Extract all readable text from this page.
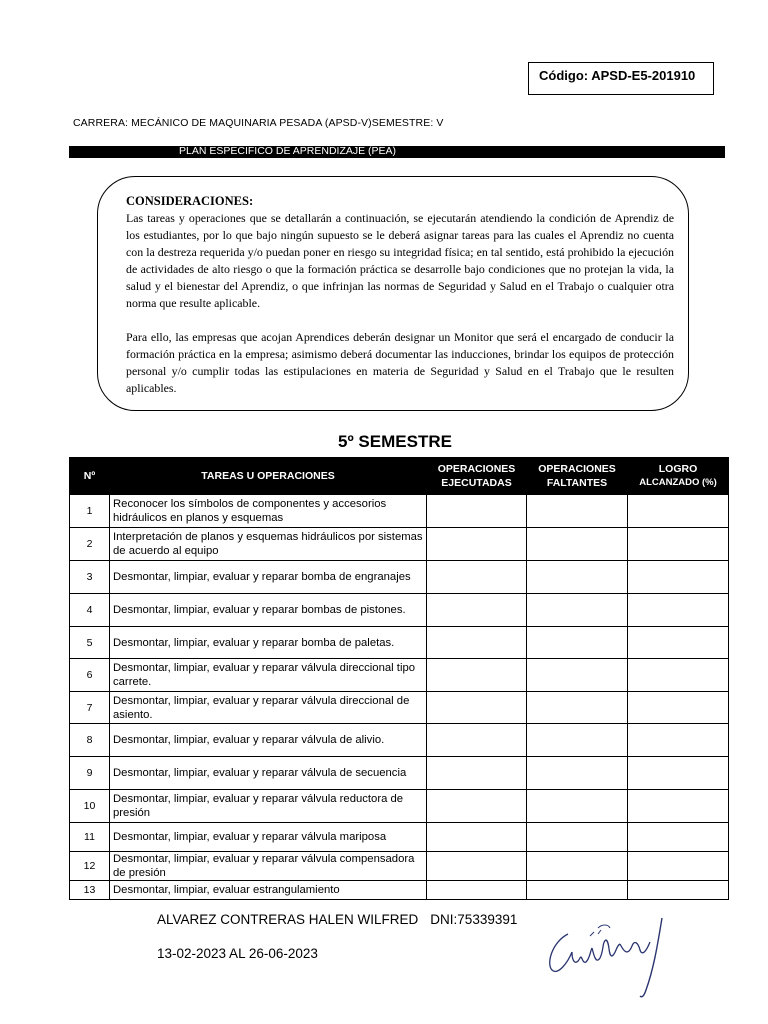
Código: APSD-E5-201910
CARRERA: MECÁNICO DE MAQUINARIA PESADA (APSD-V)SEMESTRE: V
PLAN ESPECIFICO DE APRENDIZAJE (PEA)

CONSIDERACIONES:

Las tareas y operaciones que se detallarán a continuación, se ejecutarán atendiendo la condición de Aprendiz de los estudiantes, por lo que bajo ningún supuesto se le deberá asignar tareas para las cuales el Aprendiz no cuenta con la destreza requerida y/o puedan poner en riesgo su integridad física; en tal sentido, está prohibido la ejecución de actividades de alto riesgo o que la formación práctica se desarrolle bajo condiciones que no protejan la vida, la salud y el bienestar del Aprendiz, o que infrinjan las normas de Seguridad y Salud en el Trabajo o cualquier otra norma que resulte aplicable.

Para ello, las empresas que acojan Aprendices deberán designar un Monitor que será el encargado de conducir la formación práctica en la empresa; asimismo deberá documentar las inducciones, brindar los equipos de protección personal y/o cumplir todas las estipulaciones en materia de Seguridad y Salud en el Trabajo que le resulten aplicables.

5º SEMESTRE
Nº	TAREAS U OPERACIONES	OPERACIONES EJECUTADAS	OPERACIONES FALTANTES	LOGRO
ALCANZADO (%)

1	Reconocer los símbolos de componentes y accesorios hidráulicos en planos y esquemas			
2	Interpretación de planos y esquemas hidráulicos por sistemas de acuerdo al equipo			
3	Desmontar, limpiar, evaluar y reparar bomba de engranajes			
4	Desmontar, limpiar, evaluar y reparar bombas de pistones.			
5	Desmontar, limpiar, evaluar y reparar bomba de paletas.			
6	Desmontar, limpiar, evaluar y reparar válvula direccional tipo carrete.			
7	Desmontar, limpiar, evaluar y reparar válvula direccional de asiento.			
8	Desmontar, limpiar, evaluar y reparar válvula de alivio.			
9	Desmontar, limpiar, evaluar y reparar válvula de secuencia			
10	Desmontar, limpiar, evaluar y reparar válvula reductora de presión			
11	Desmontar, limpiar, evaluar y reparar válvula mariposa			
12	Desmontar, limpiar, evaluar y reparar válvula compensadora de presión			
13	Desmontar, limpiar, evaluar estrangulamiento			
ALVAREZ CONTRERAS HALEN WILFRED DNI:75339391
13-02-2023 AL 26-06-2023
